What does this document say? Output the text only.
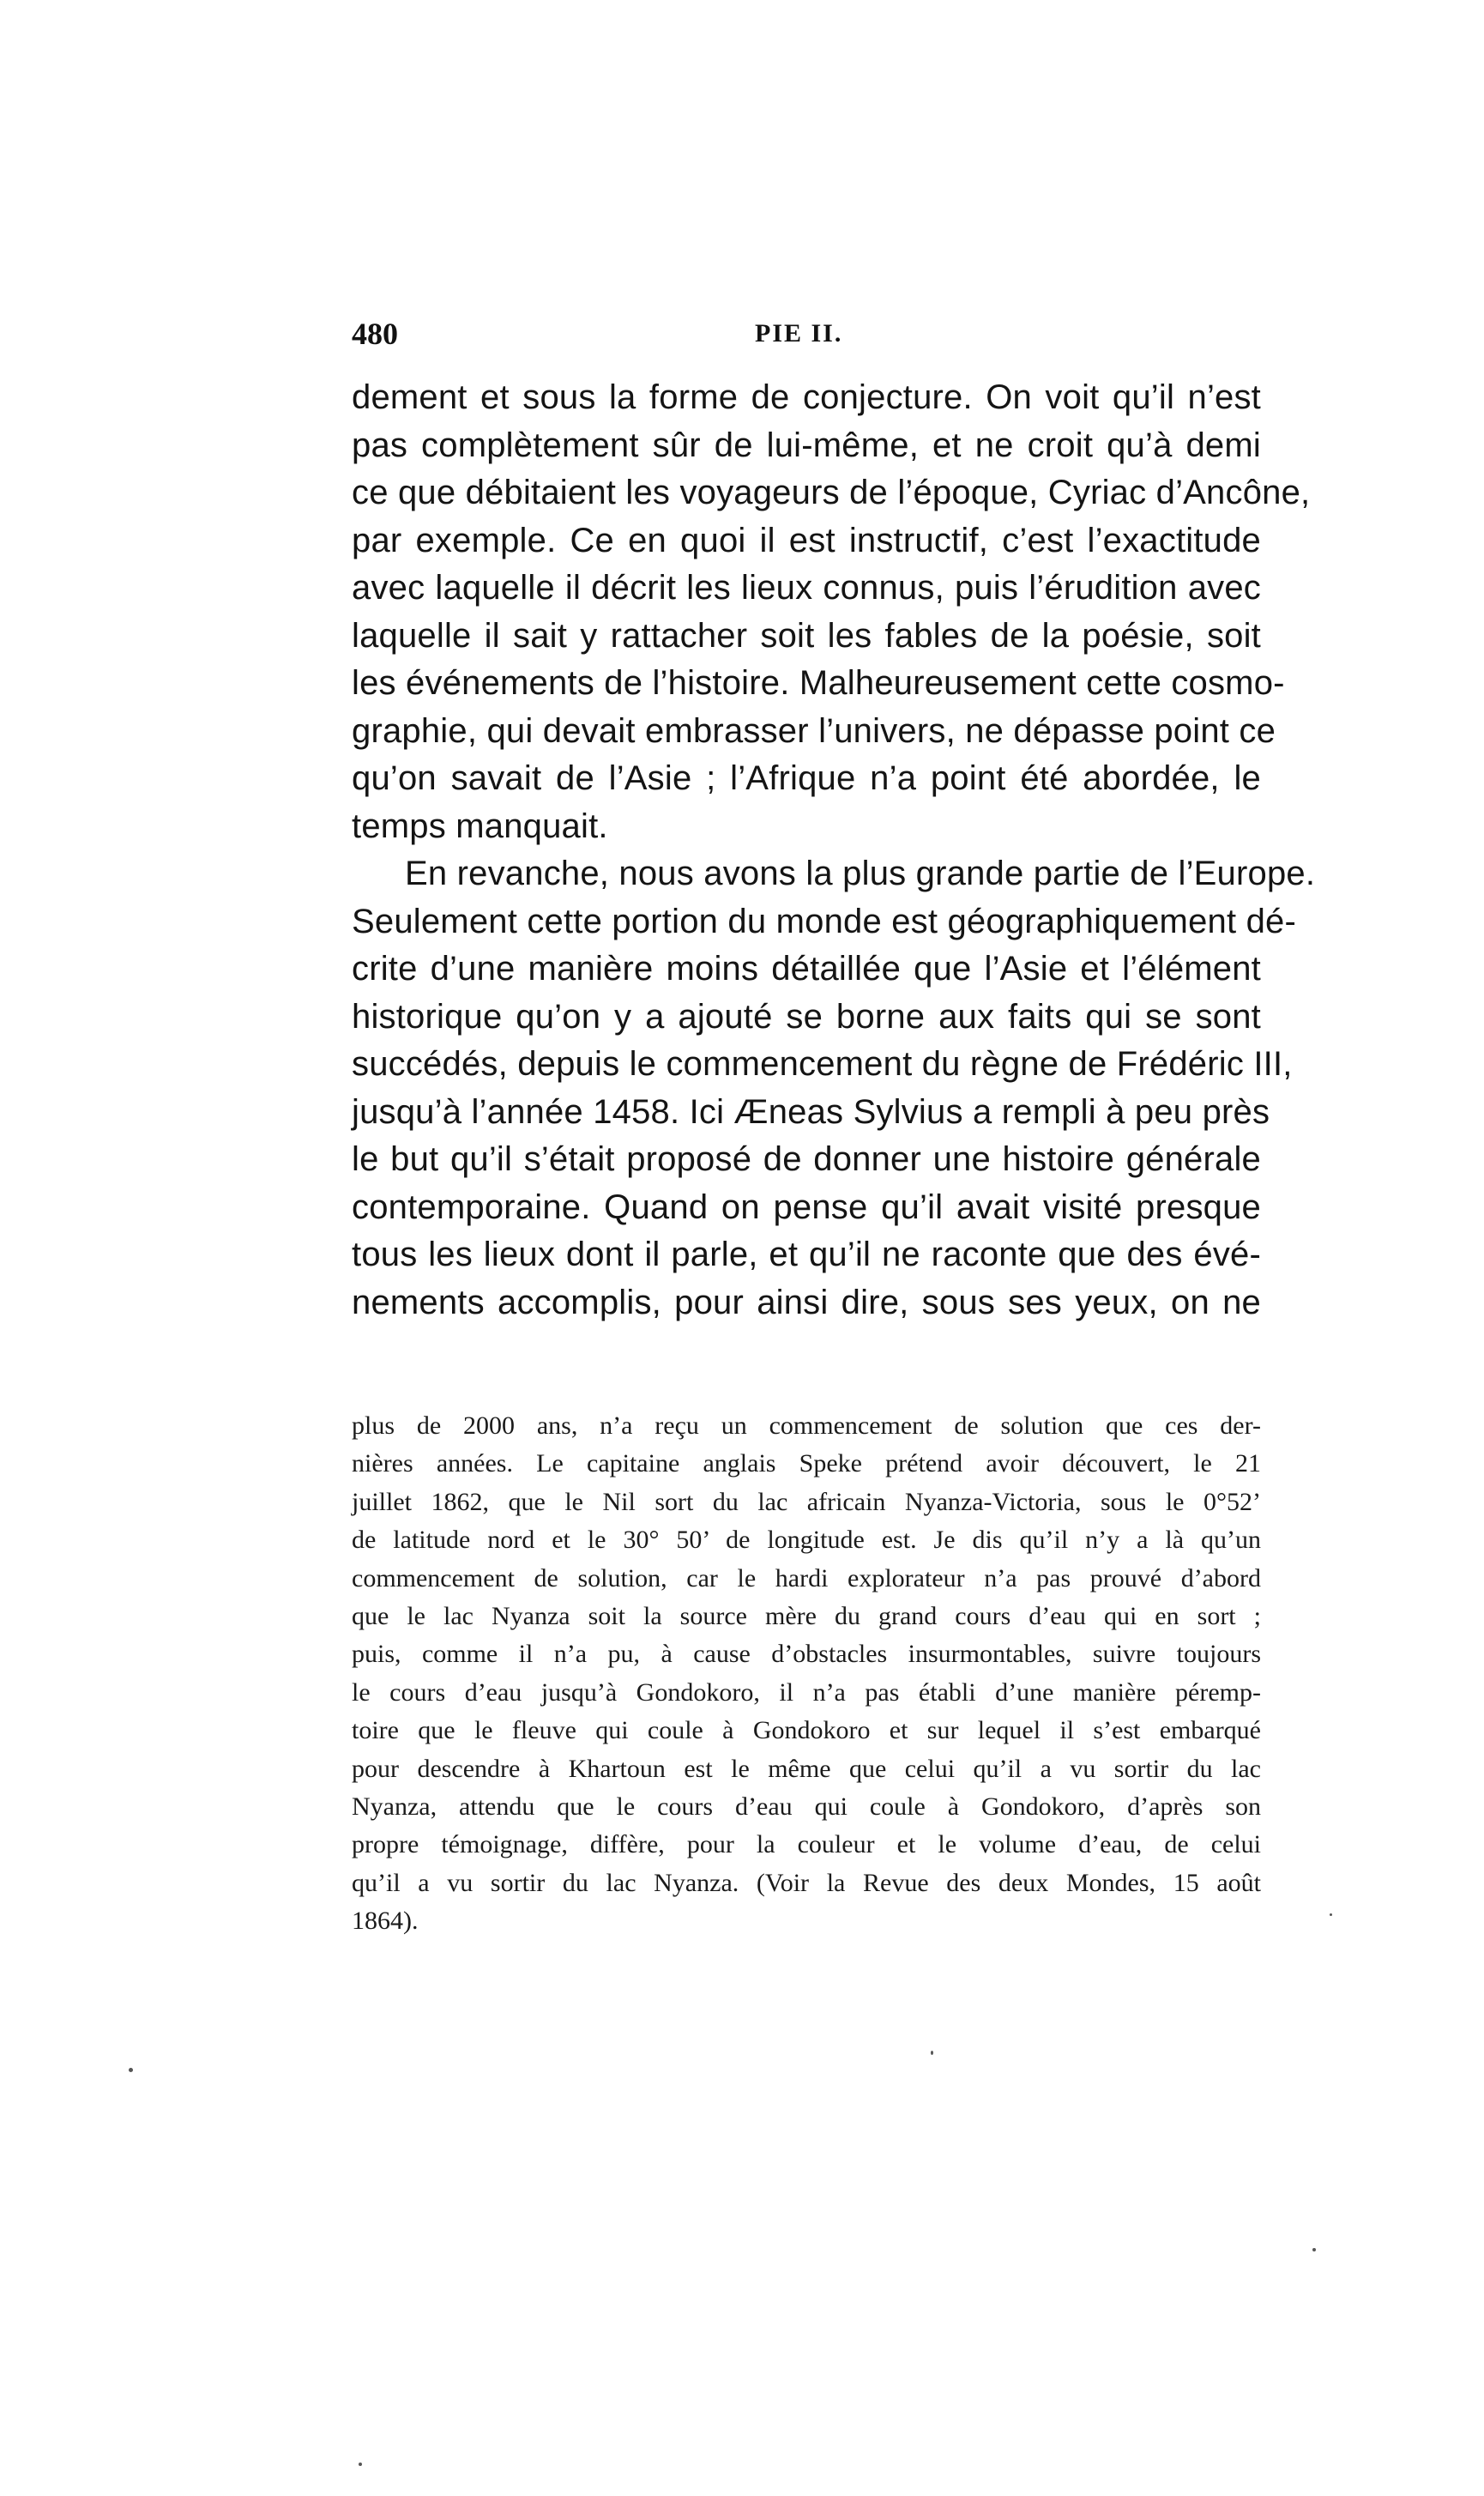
480	PIE II.
dement et sous la forme de conjecture. On voit qu’il n’est
pas complètement sûr de lui-même, et ne croit qu’à demi
ce que débitaient les voyageurs de l’époque, Cyriac d’Ancône,
par exemple. Ce en quoi il est instructif, c’est l’exactitude
avec laquelle il décrit les lieux connus, puis l’érudition avec
laquelle il sait y rattacher soit les fables de la poésie, soit
les événements de l’histoire. Malheureusement cette cosmo-
graphie, qui devait embrasser l’univers, ne dépasse point ce
qu’on savait de l’Asie ; l’Afrique n’a point été abordée, le
temps manquait.
En revanche, nous avons la plus grande partie de l’Europe.
Seulement cette portion du monde est géographiquement dé-
crite d’une manière moins détaillée que l’Asie et l’élément
historique qu’on y a ajouté se borne aux faits qui se sont
succédés, depuis le commencement du règne de Frédéric III,
jusqu’à l’année 1458. Ici Æneas Sylvius a rempli à peu près
le but qu’il s’était proposé de donner une histoire générale
contemporaine. Quand on pense qu’il avait visité presque
tous les lieux dont il parle, et qu’il ne raconte que des évé-
nements accomplis, pour ainsi dire, sous ses yeux, on ne
plus de 2000 ans, n’a reçu un commencement de solution que ces der-
nières années. Le capitaine anglais Speke prétend avoir découvert, le 21
juillet 1862, que le Nil sort du lac africain Nyanza-Victoria, sous le 0°52’
de latitude nord et le 30° 50’ de longitude est. Je dis qu’il n’y a là qu’un
commencement de solution, car le hardi explorateur n’a pas prouvé d’abord
que le lac Nyanza soit la source mère du grand cours d’eau qui en sort ;
puis, comme il n’a pu, à cause d’obstacles insurmontables, suivre toujours
le cours d’eau jusqu’à Gondokoro, il n’a pas établi d’une manière péremp-
toire que le fleuve qui coule à Gondokoro et sur lequel il s’est embarqué
pour descendre à Khartoun est le même que celui qu’il a vu sortir du lac
Nyanza, attendu que le cours d’eau qui coule à Gondokoro, d’après son
propre témoignage, diffère, pour la couleur et le volume d’eau, de celui
qu’il a vu sortir du lac Nyanza. (Voir la Revue des deux Mondes, 15 août
1864).
